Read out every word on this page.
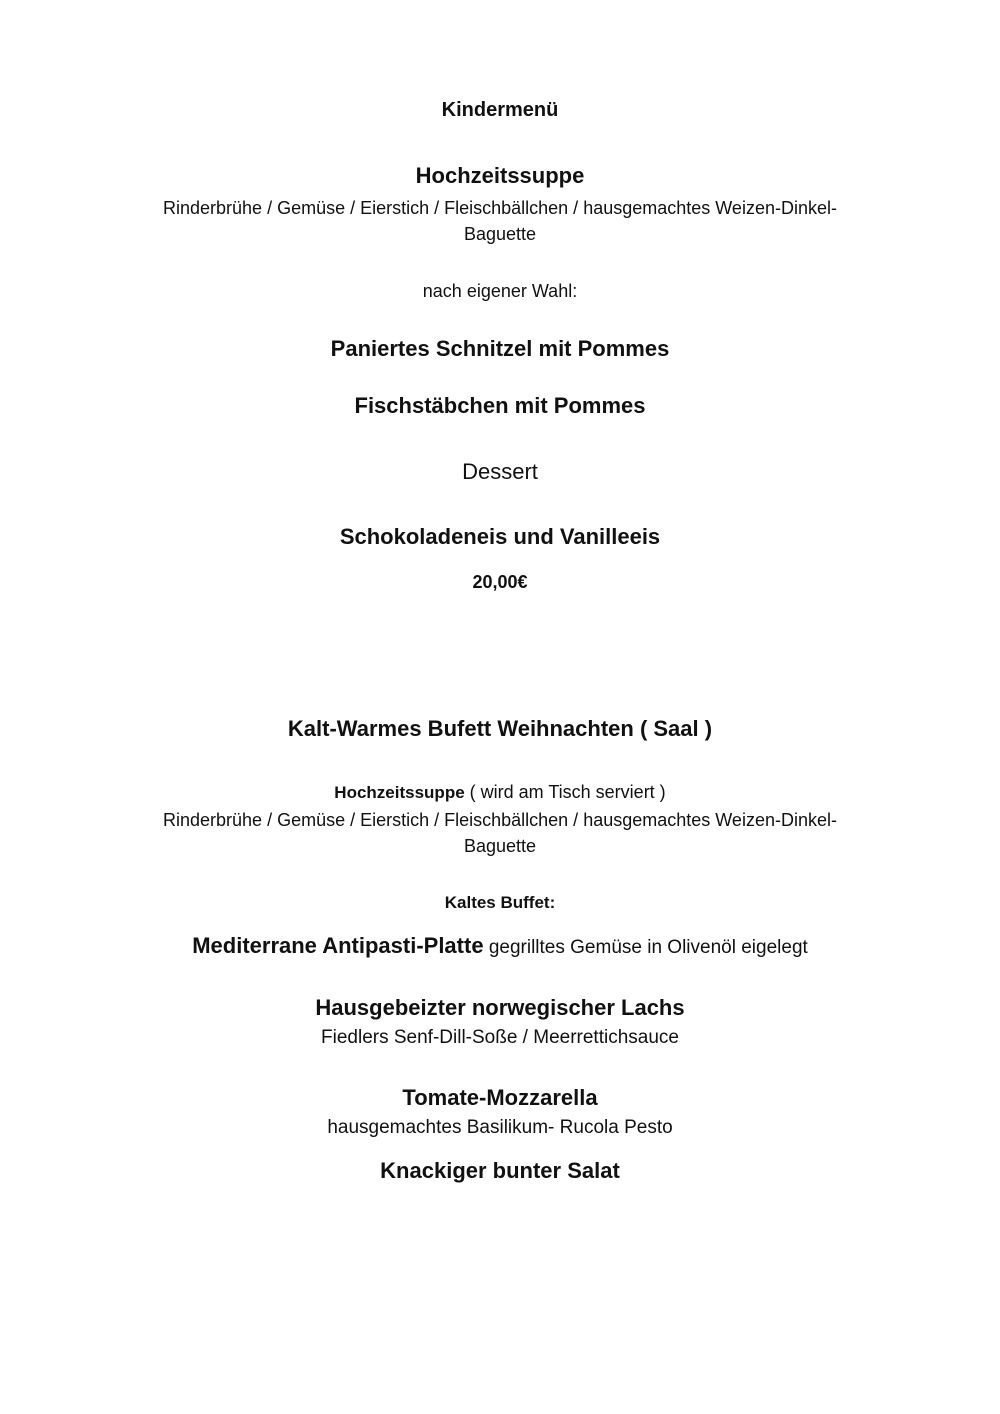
Kindermenü
Hochzeitssuppe
Rinderbrühe / Gemüse / Eierstich / Fleischbällchen / hausgemachtes Weizen-Dinkel-
Baguette
nach eigener Wahl:
Paniertes Schnitzel mit Pommes
Fischstäbchen mit Pommes
Dessert
Schokoladeneis und Vanilleeis
20,00€
Kalt-Warmes Bufett Weihnachten ( Saal )
Hochzeitssuppe ( wird am Tisch serviert )
Rinderbrühe / Gemüse / Eierstich / Fleischbällchen / hausgemachtes Weizen-Dinkel-
Baguette
Kaltes Buffet:
Mediterrane Antipasti-Platte gegrilltes Gemüse in Olivenöl eigelegt
Hausgebeizter norwegischer Lachs
Fiedlers Senf-Dill-Soße / Meerrettichsauce
Tomate-Mozzarella
hausgemachtes Basilikum- Rucola Pesto
Knackiger bunter Salat
